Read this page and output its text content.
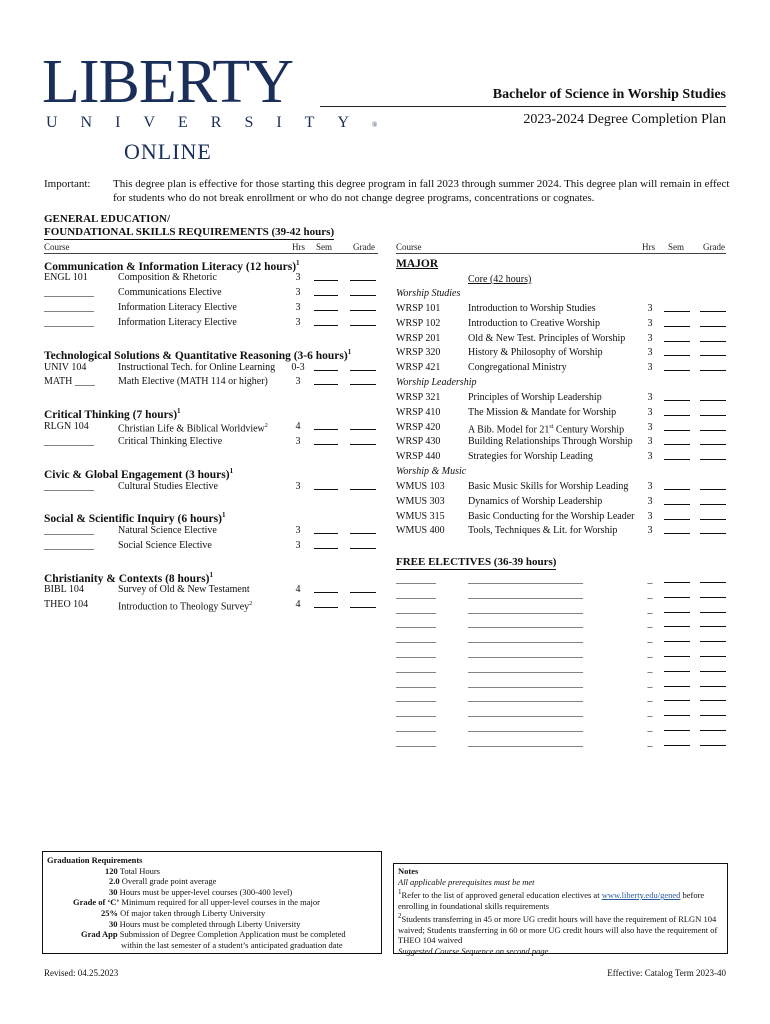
LIBERTY
UNIVERSITY®
ONLINE
Bachelor of Science in Worship Studies
2023-2024 Degree Completion Plan
Important: This degree plan is effective for those starting this degree program in fall 2023 through summer 2024. This degree plan will remain in effect for students who do not break enrollment or who do not change degree programs, concentrations or cognates.
GENERAL EDUCATION/
FOUNDATIONAL SKILLS REQUIREMENTS (39-42 hours)
Course	Hrs Sem Grade Course	Hrs Sem Grade
Communication & Information Literacy (12 hours)$^1$
ENGL 101	Composition & Rhetoric	3
__________ Communications Elective	3
__________ Information Literacy Elective	3
__________ Information Literacy Elective	3
Technological Solutions & Quantitative Reasoning (3-6 hours)$^1$
UNIV 104	Instructional Tech. for Online Learning	0-3
MATH ____ Math Elective (MATH 114 or higher)	3
Critical Thinking (7 hours)$^1$
RLGN 104	Christian Life & Biblical Worldview$^2$	4
__________ Critical Thinking Elective	3
Civic & Global Engagement (3 hours)$^1$
__________ Cultural Studies Elective	3
Social & Scientific Inquiry (6 hours)$^1$
__________ Natural Science Elective	3
__________ Social Science Elective	3
Christianity & Contexts (8 hours)$^1$
BIBL 104	Survey of Old & New Testament	4
THEO 104	Introduction to Theology Survey$^2$	4
MAJOR
Core (42 hours)
Worship Studies
WRSP 101	Introduction to Worship Studies	3
WRSP 102	Introduction to Creative Worship	3
WRSP 201	Old & New Test. Principles of Worship	3
WRSP 320	History & Philosophy of Worship	3
WRSP 421	Congregational Ministry	3
Worship Leadership
WRSP 321	Principles of Worship Leadership	3
WRSP 410	The Mission & Mandate for Worship	3
WRSP 420	A Bib. Model for 21st Century Worship	3
WRSP 430	Building Relationships Through Worship	3
WRSP 440	Strategies for Worship Leading	3
Worship & Music
WMUS 103 Basic Music Skills for Worship Leading	3
WMUS 303 Dynamics of Worship Leadership	3
WMUS 315 Basic Conducting for the Worship Leader	3
WMUS 400 Tools, Techniques & Lit. for Worship	3
FREE ELECTIVES (36-39 hours)
________	_______________________	_
________	_______________________	_
________	_______________________	_
________	_______________________	_
________	_______________________	_
________	_______________________	_
________	_______________________	_
________	_______________________	_
________	_______________________	_
________	_______________________	_
________	_______________________	_
________	_______________________	_
Graduation Requirements
120 Total Hours
2.0 Overall grade point average
30 Hours must be upper-level courses (300-400 level)
Grade of ‘C’ Minimum required for all upper-level courses in the major
25% Of major taken through Liberty University
30 Hours must be completed through Liberty University
Grad App Submission of Degree Completion Application must be completed
within the last semester of a student’s anticipated graduation date
Notes
All applicable prerequisites must be met
$^1$Refer to the list of approved general education electives at www.liberty.edu/gened before enrolling in foundational skills requirements
$^2$Students transferring in 45 or more UG credit hours will have the requirement of RLGN 104 waived; Students transferring in 60 or more UG credit hours will also have the requirement of THEO 104 waived
Suggested Course Sequence on second page
Revised: 04.25.2023	Effective: Catalog Term 2023-40
